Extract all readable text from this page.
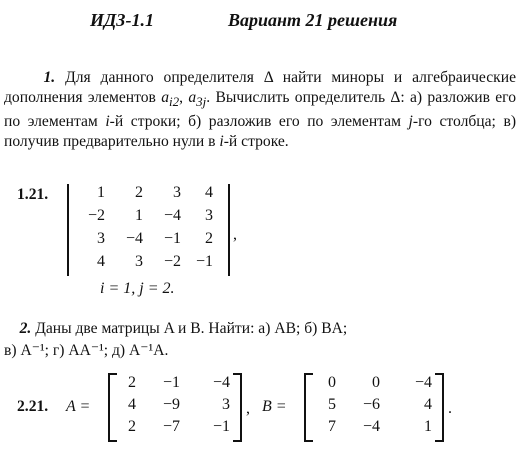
ИДЗ-1.1	Вариант 21 решения
1. Для данного определителя Δ найти миноры и алгебраические дополнения элементов $a_{i2}$, $a_{3j}$. Вычислить определитель Δ: а) разложив его по элементам i-й строки; б) разложив его по элементам j-го столбца; в) получив предварительно нули в i-й строке.
1.21.	1	2	3	4
−2	1	−4	3
3	−4	−1	2
4	3	−2 −1
,
i = 1, j = 2.
2. Даны две матрицы A и B. Найти: а) AB; б) BA;
в) A⁻¹; г) AA⁻¹; д) A⁻¹A.
2.21. A =
2	−1	−4
4	−9	3
2	−7	−1
, B =
0	0	−4
5	−6	4
7	−4	1
.
